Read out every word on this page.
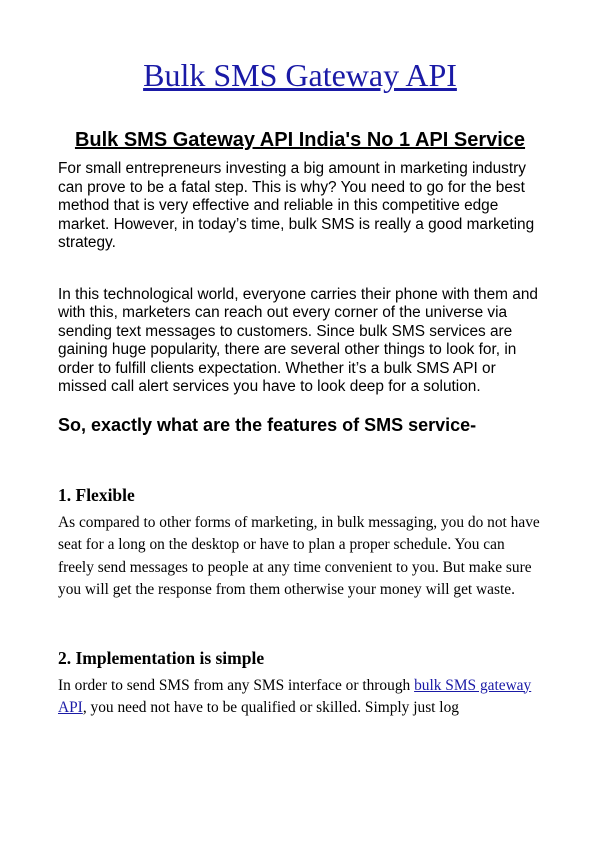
Bulk SMS Gateway API
Bulk SMS Gateway API India's No 1 API Service

For small entrepreneurs investing a big amount in marketing industry can prove to be a fatal step. This is why? You need to go for the best method that is very effective and reliable in this competitive edge market. However, in today’s time, bulk SMS is really a good marketing strategy.

In this technological world, everyone carries their phone with them and with this, marketers can reach out every corner of the universe via sending text messages to customers. Since bulk SMS services are gaining huge popularity, there are several other things to look for, in order to fulfill clients expectation. Whether it’s a bulk SMS API or missed call alert services you have to look deep for a solution.

So, exactly what are the features of SMS service-
1. Flexible

As compared to other forms of marketing, in bulk messaging, you do not have seat for a long on the desktop or have to plan a proper schedule. You can freely send messages to people at any time convenient to you. But make sure you will get the response from them otherwise your money will get waste.

2. Implementation is simple

In order to send SMS from any SMS interface or through bulk SMS gateway API, you need not have to be qualified or skilled. Simply just log
